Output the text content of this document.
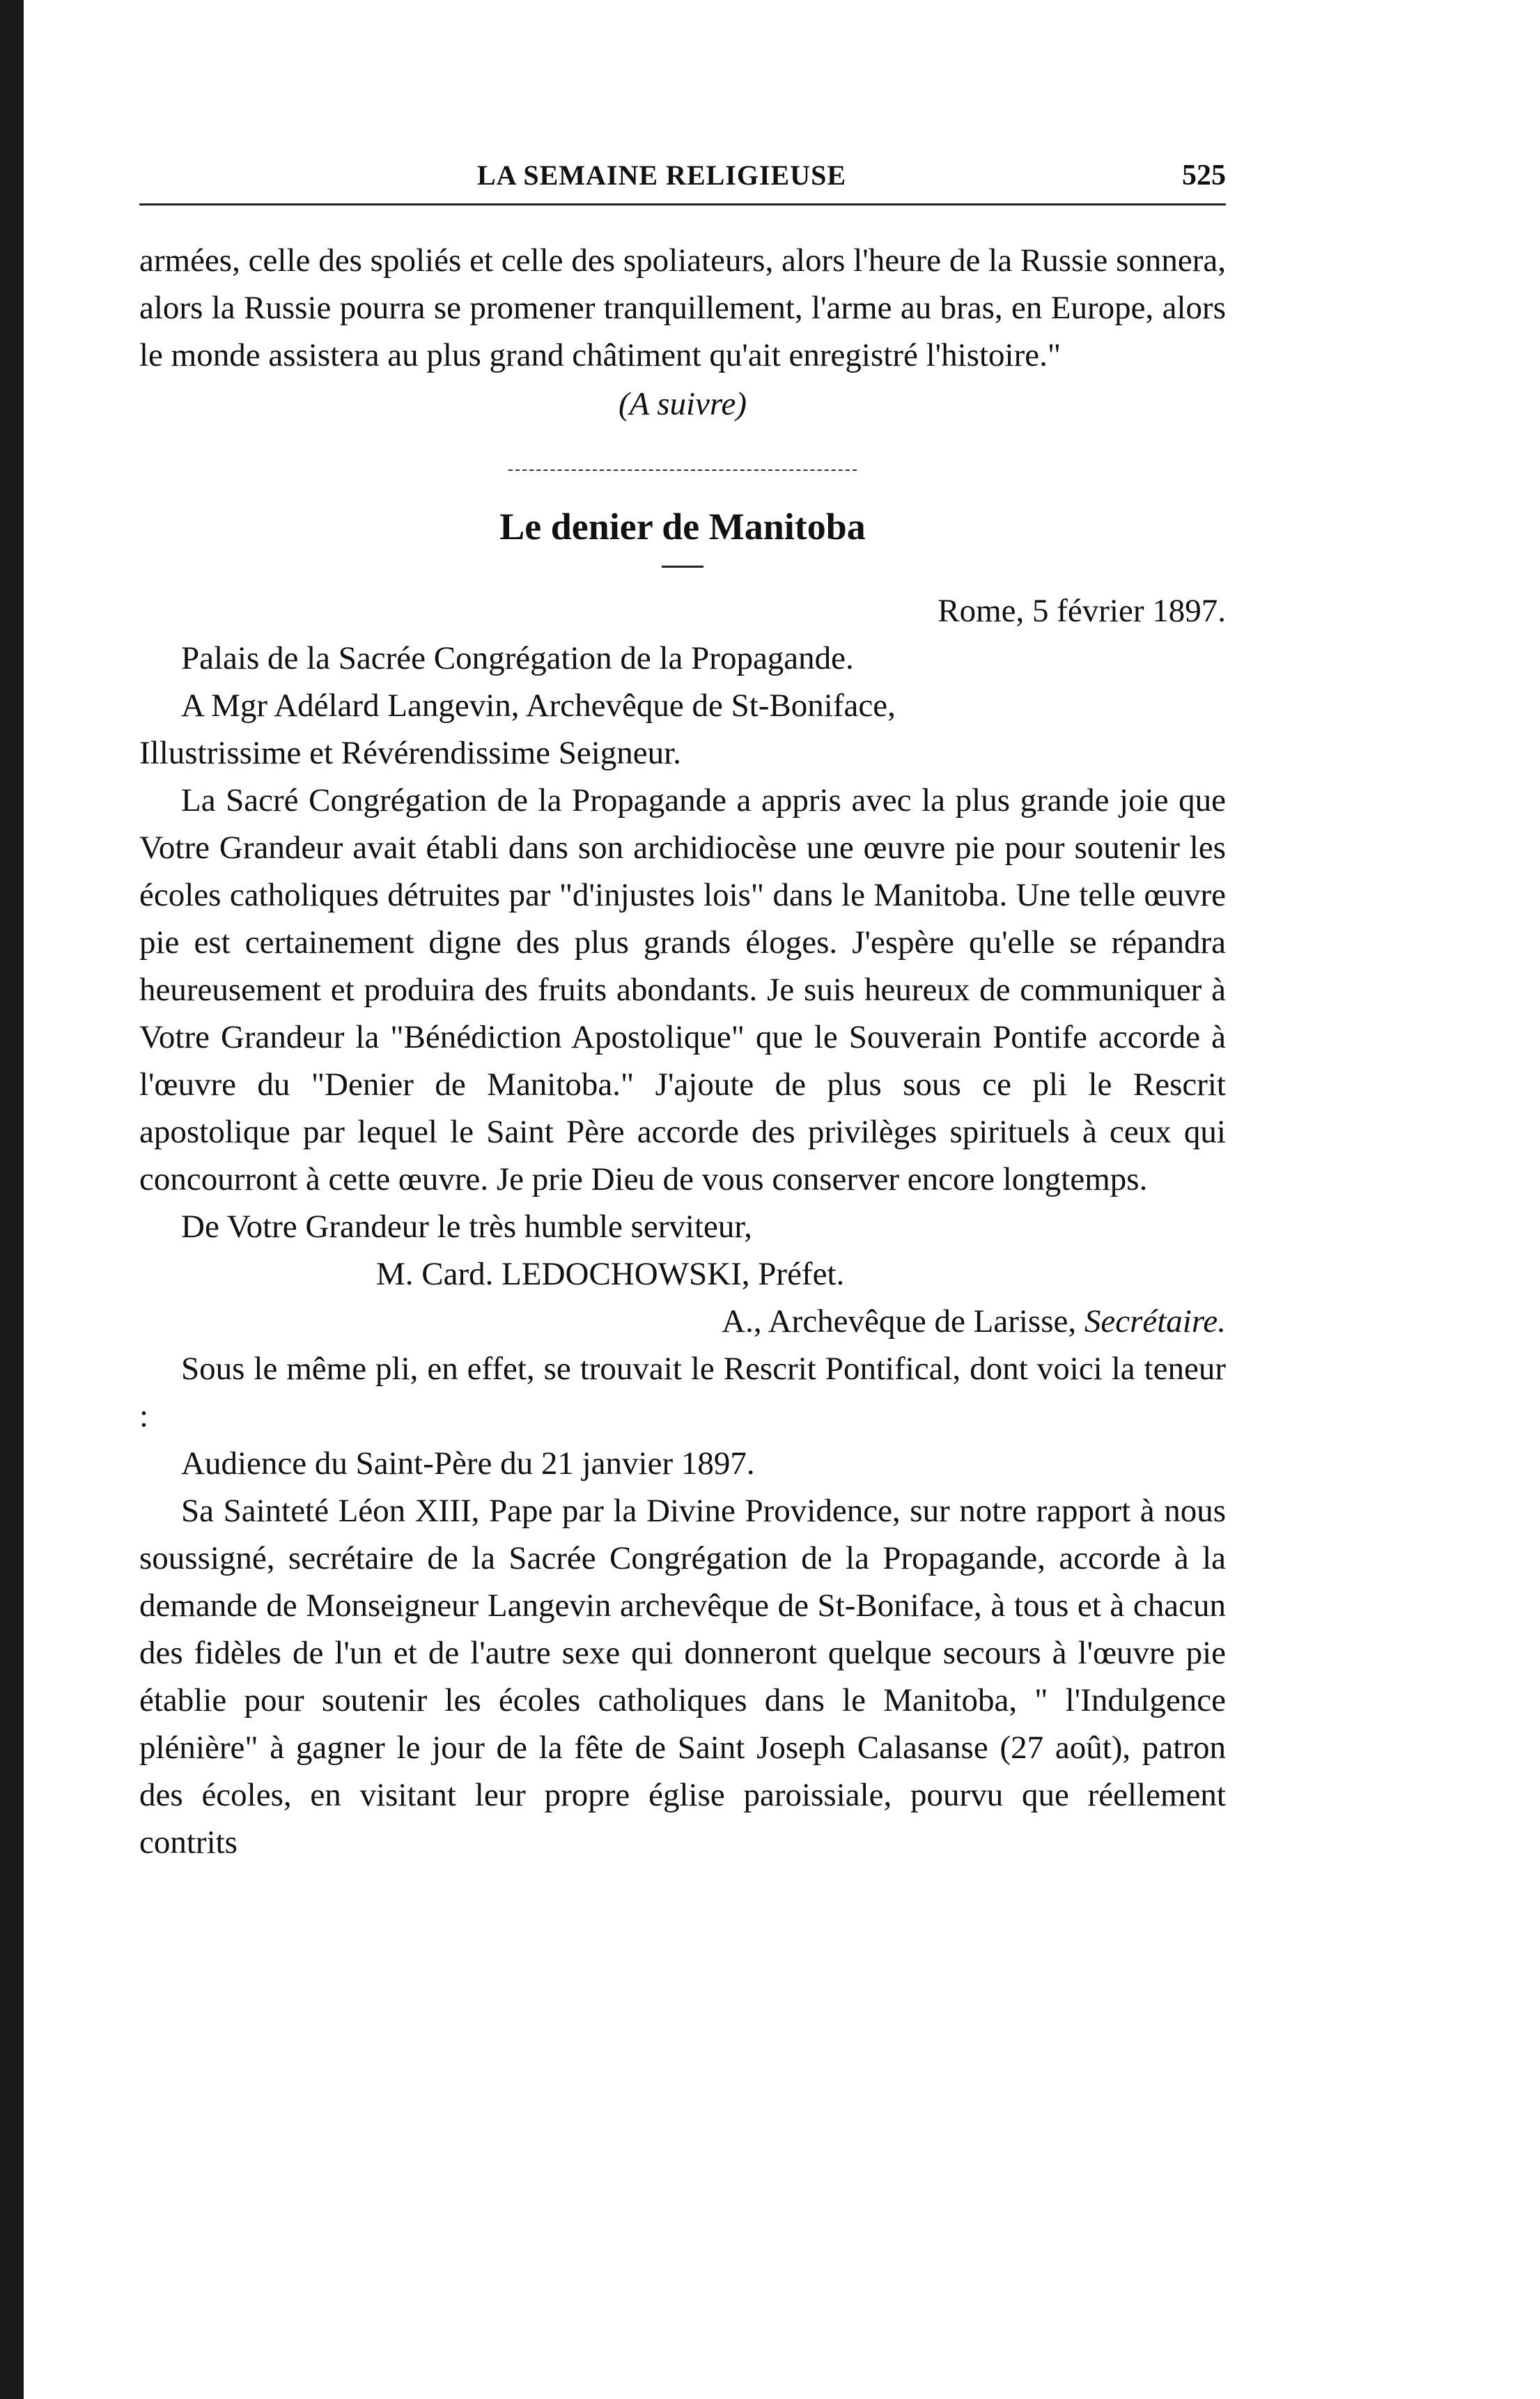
LA SEMAINE RELIGIEUSE	525

armées, celle des spoliés et celle des spoliateurs, alors l'heure de la Russie sonnera, alors la Russie pourra se promener tranquillement, l'arme au bras, en Europe, alors le monde assistera au plus grand châtiment qu'ait enregistré l'histoire."

(A suivre)

Le denier de Manitoba

Rome, 5 février 1897.

Palais de la Sacrée Congrégation de la Propagande.

A Mgr Adélard Langevin, Archevêque de St-Boniface,

Illustrissime et Révérendissime Seigneur.

La Sacré Congrégation de la Propagande a appris avec la plus grande joie que Votre Grandeur avait établi dans son archidiocèse une œuvre pie pour soutenir les écoles catholiques détruites par "d'injustes lois" dans le Manitoba. Une telle œuvre pie est certainement digne des plus grands éloges. J'espère qu'elle se répandra heureusement et produira des fruits abondants. Je suis heureux de communiquer à Votre Grandeur la "Bénédiction Apostolique" que le Souverain Pontife accorde à l'œuvre du "Denier de Manitoba." J'ajoute de plus sous ce pli le Rescrit apostolique par lequel le Saint Père accorde des privilèges spirituels à ceux qui concourront à cette œuvre. Je prie Dieu de vous conserver encore longtemps.

De Votre Grandeur le très humble serviteur,

M. Card. LEDOCHOWSKI, Préfet.

A., Archevêque de Larisse, Secrétaire.

Sous le même pli, en effet, se trouvait le Rescrit Pontifical, dont voici la teneur :

Audience du Saint-Père du 21 janvier 1897.

Sa Sainteté Léon XIII, Pape par la Divine Providence, sur notre rapport à nous soussigné, secrétaire de la Sacrée Congrégation de la Propagande, accorde à la demande de Monseigneur Langevin archevêque de St-Boniface, à tous et à chacun des fidèles de l'un et de l'autre sexe qui donneront quelque secours à l'œuvre pie établie pour soutenir les écoles catholiques dans le Manitoba, " l'Indulgence plénière" à gagner le jour de la fête de Saint Joseph Calasanse (27 août), patron des écoles, en visitant leur propre église paroissiale, pourvu que réellement contrits
